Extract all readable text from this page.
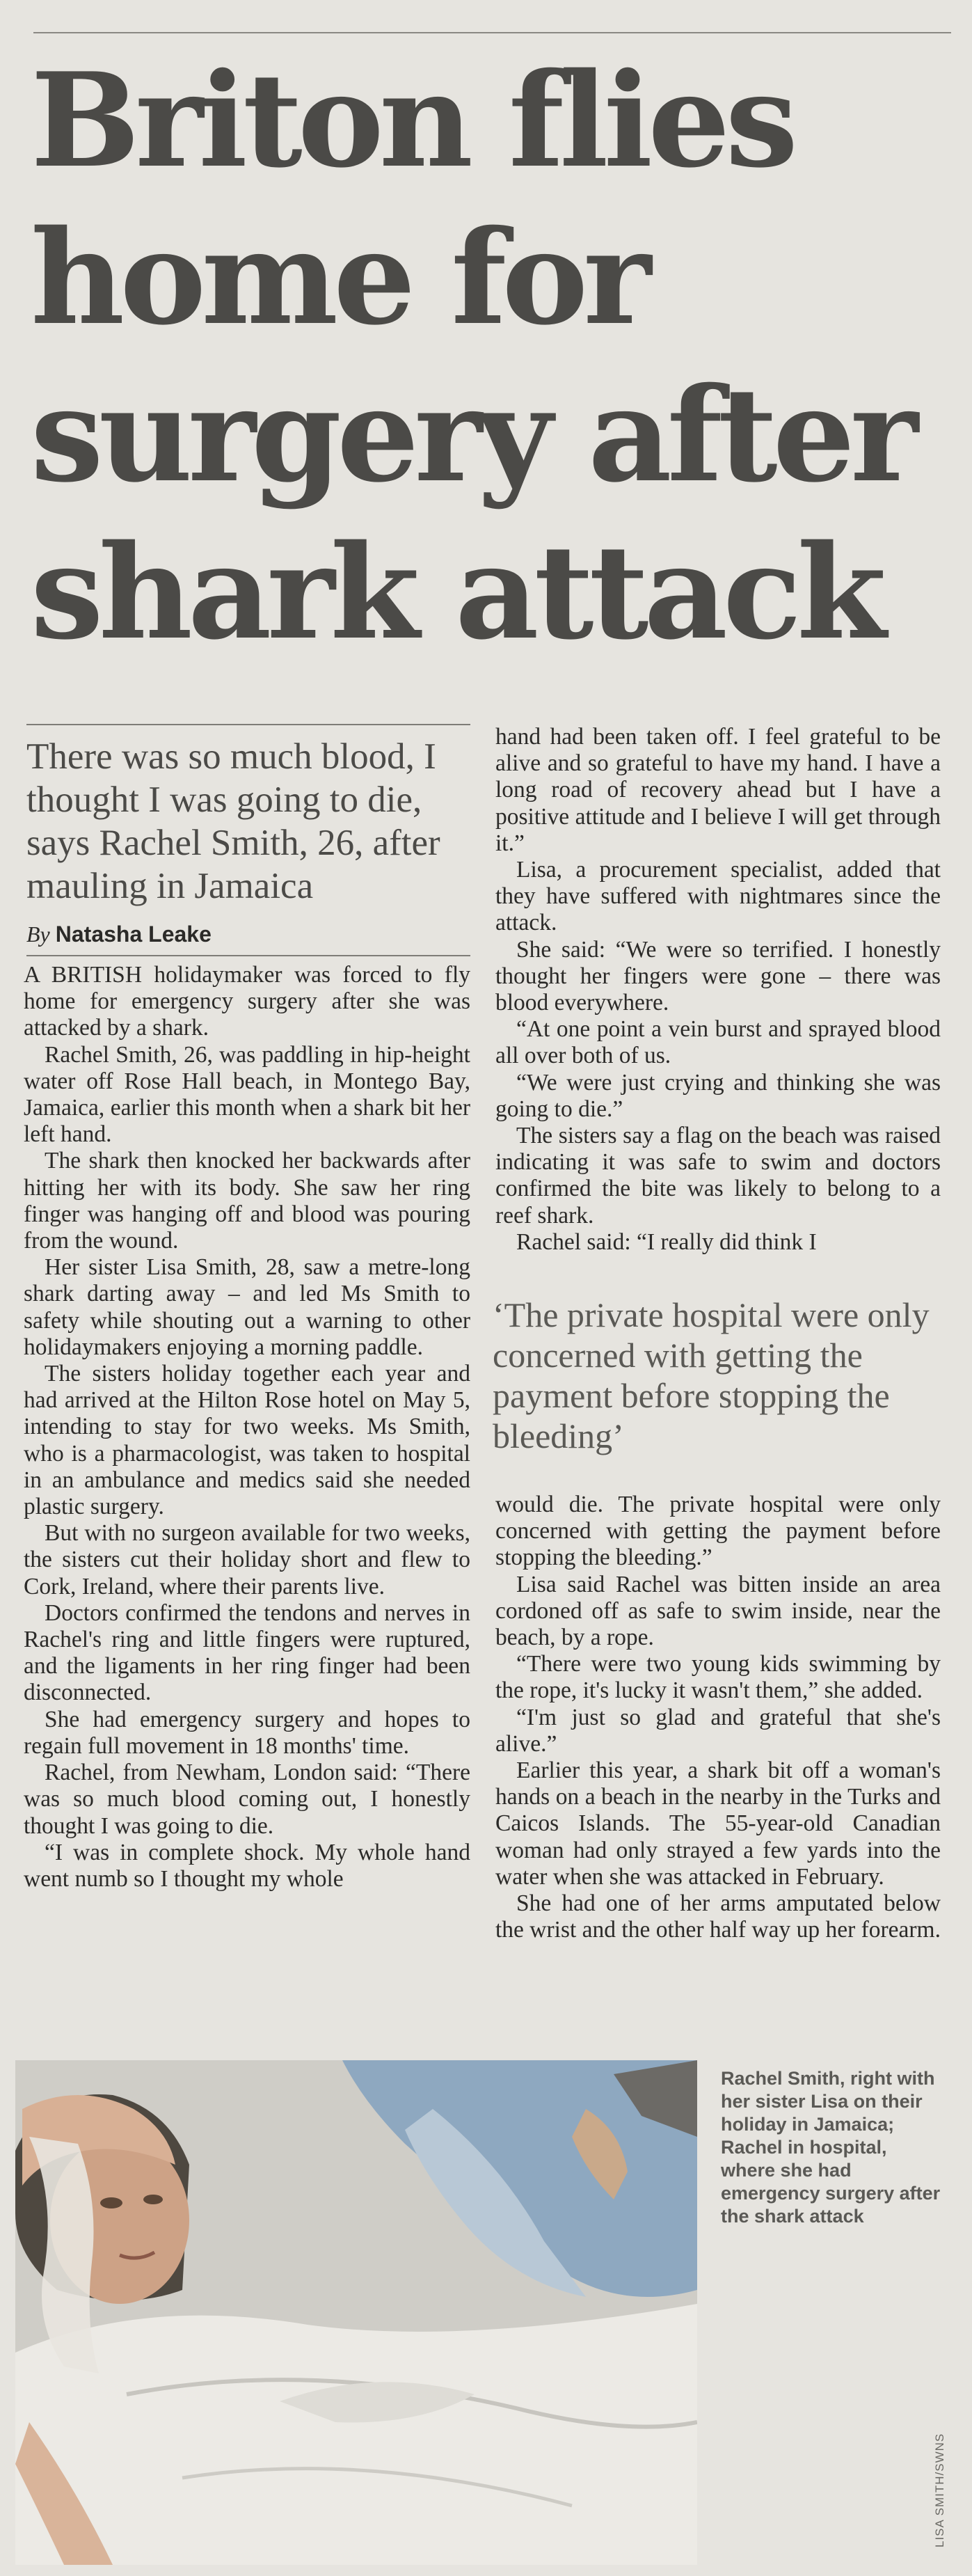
Briton flies home for surgery after shark attack

There was so much blood, I thought I was going to die, says Rachel Smith, 26, after mauling in Jamaica

By Natasha Leake

A BRITISH holidaymaker was forced to fly home for emergency surgery after she was attacked by a shark.

Rachel Smith, 26, was paddling in hip-height water off Rose Hall beach, in Montego Bay, Jamaica, earlier this month when a shark bit her left hand.

The shark then knocked her backwards after hitting her with its body. She saw her ring finger was hanging off and blood was pouring from the wound.

Her sister Lisa Smith, 28, saw a metre-long shark darting away – and led Ms Smith to safety while shouting out a warning to other holidaymakers enjoying a morning paddle.

The sisters holiday together each year and had arrived at the Hilton Rose hotel on May 5, intending to stay for two weeks. Ms Smith, who is a pharmacologist, was taken to hospital in an ambulance and medics said she needed plastic surgery.

But with no surgeon available for two weeks, the sisters cut their holiday short and flew to Cork, Ireland, where their parents live.

Doctors confirmed the tendons and nerves in Rachel's ring and little fingers were ruptured, and the ligaments in her ring finger had been disconnected.

She had emergency surgery and hopes to regain full movement in 18 months' time.

Rachel, from Newham, London said: “There was so much blood coming out, I honestly thought I was going to die.

“I was in complete shock. My whole hand went numb so I thought my whole

hand had been taken off. I feel grateful to be alive and so grateful to have my hand. I have a long road of recovery ahead but I have a positive attitude and I believe I will get through it.”

Lisa, a procurement specialist, added that they have suffered with nightmares since the attack.

She said: “We were so terrified. I honestly thought her fingers were gone – there was blood everywhere.

“At one point a vein burst and sprayed blood all over both of us.

“We were just crying and thinking she was going to die.”

The sisters say a flag on the beach was raised indicating it was safe to swim and doctors confirmed the bite was likely to belong to a reef shark.

Rachel said: “I really did think I

‘The private hospital were only concerned with getting the payment before stopping the bleeding’

would die. The private hospital were only concerned with getting the payment before stopping the bleeding.”

Lisa said Rachel was bitten inside an area cordoned off as safe to swim inside, near the beach, by a rope.

“There were two young kids swimming by the rope, it's lucky it wasn't them,” she added.

“I'm just so glad and grateful that she's alive.”

Earlier this year, a shark bit off a woman's hands on a beach in the nearby in the Turks and Caicos Islands. The 55-year-old Canadian woman had only strayed a few yards into the water when she was attacked in February.

She had one of her arms amputated below the wrist and the other half way up her forearm.

Rachel Smith, right with her sister Lisa on their holiday in Jamaica; Rachel in hospital, where she had emergency surgery after the shark attack

LISA SMITH/SWNS
